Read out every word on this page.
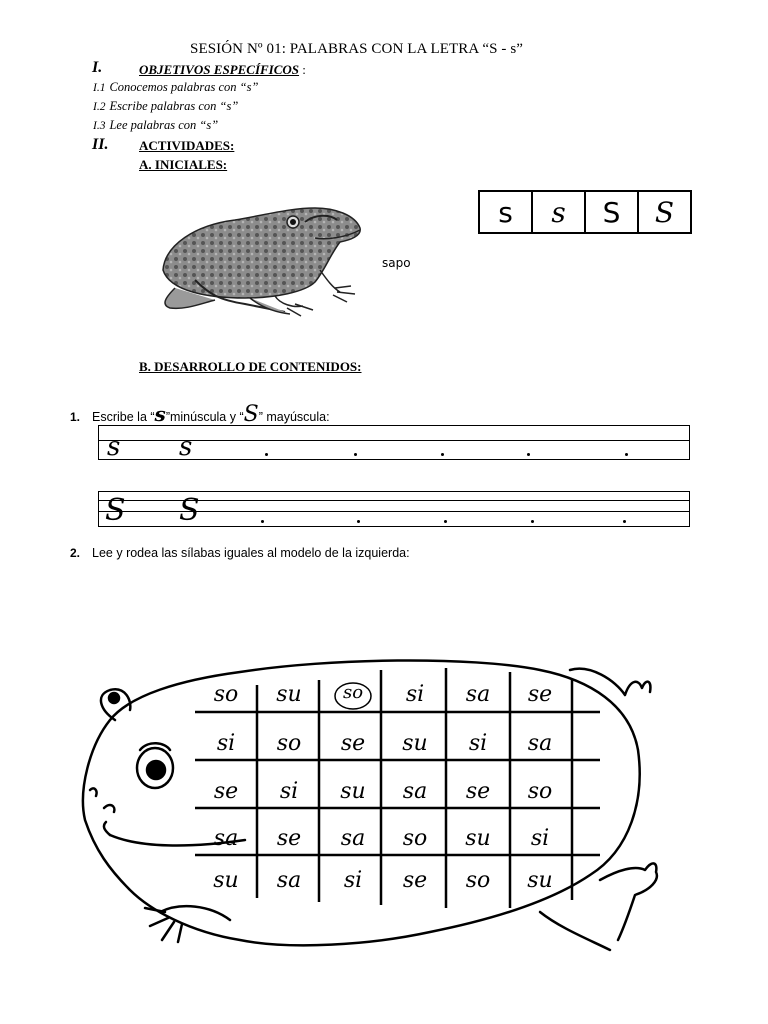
SESIÓN Nº 01: PALABRAS CON LA LETRA “S - s”
I.	OBJETIVOS ESPECÍFICOS :
I.1 Conocemos palabras con “s”
I.2 Escribe palabras con “s”
I.3 Lee palabras con “s”
II. ACTIVIDADES:
A. INICIALES:
sapo
s	s	S	S
B. DESARROLLO DE CONTENIDOS:
1. Escribe la “s”minúscula y “S” mayúscula:
s s
S S
2. Lee y rodea las sílabas iguales al modelo de la izquierda:
so	su	so	si	sa	se
si	so	se	su	si	sa
se	si	su	sa	se	so
sa	se	sa	so	su	si
su	sa	si	se	so	su
